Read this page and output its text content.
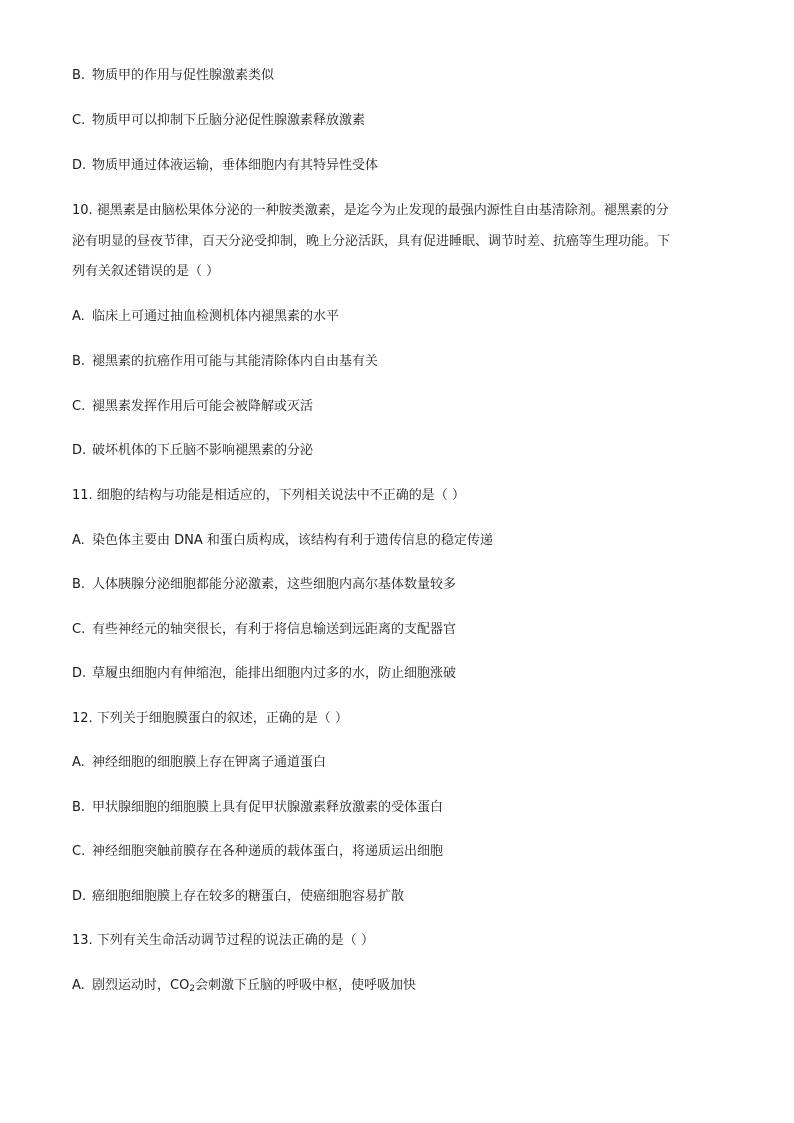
B. 物质甲的作用与促性腺激素类似
C. 物质甲可以抑制下丘脑分泌促性腺激素释放激素
D. 物质甲通过体液运输，垂体细胞内有其特异性受体
10. 褪黑素是由脑松果体分泌的一种胺类激素，是迄今为止发现的最强内源性自由基清除剂。褪黑素的分
泌有明显的昼夜节律，百天分泌受抑制，晚上分泌活跃，具有促进睡眠、调节时差、抗癌等生理功能。下
列有关叙述错误的是（ ）
A. 临床上可通过抽血检测机体内褪黑素的水平
B. 褪黑素的抗癌作用可能与其能清除体内自由基有关
C. 褪黑素发挥作用后可能会被降解或灭活
D. 破坏机体的下丘脑不影响褪黑素的分泌
11. 细胞的结构与功能是相适应的，下列相关说法中不正确的是（ ）
A. 染色体主要由 DNA 和蛋白质构成，该结构有利于遗传信息的稳定传递
B. 人体胰腺分泌细胞都能分泌激素，这些细胞内高尔基体数量较多
C. 有些神经元的轴突很长，有利于将信息输送到远距离的支配器官
D. 草履虫细胞内有伸缩泡，能排出细胞内过多的水，防止细胞涨破
12. 下列关于细胞膜蛋白的叙述，正确的是（ ）
A. 神经细胞的细胞膜上存在钾离子通道蛋白
B. 甲状腺细胞的细胞膜上具有促甲状腺激素释放激素的受体蛋白
C. 神经细胞突触前膜存在各种递质的载体蛋白，将递质运出细胞
D. 癌细胞细胞膜上存在较多的糖蛋白，使癌细胞容易扩散
13. 下列有关生命活动调节过程的说法正确的是（ ）
A. 剧烈运动时，$CO_2$会刺激下丘脑的呼吸中枢，使呼吸加快
